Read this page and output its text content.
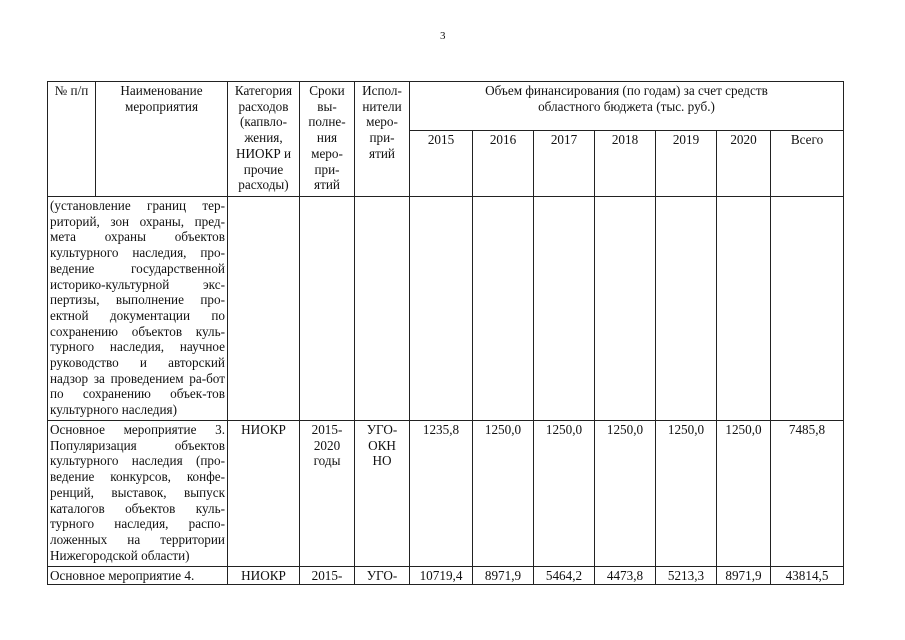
3
№ п/п	Наименование мероприятия	Категория расходов (капвло-жения, НИОКР и прочие расходы)	Сроки вы-полне-ния меро-при-ятий	Испол-нители меро-при-ятий	Объем финансирования (по годам) за счет средств областного бюджета (тыс. руб.)						
					2015	2016	2017	2018	2019	2020	Всего
(установление границ тер-риторий, зон охраны, пред-мета охраны объектов культурного наследия, про-ведение государственной историко-культурной экс-пертизы, выполнение про-ектной документации по сохранению объектов куль-турного наследия, научное руководство и авторский надзор за проведением ра-бот по сохранению объек-тов культурного наследия)											
Основное мероприятие 3. Популяризация объектов культурного наследия (про-ведение конкурсов, конфе-ренций, выставок, выпуск каталогов объектов куль-турного наследия, распо-ложенных на территории Нижегородской области)		НИОКР	2015-2020 годы	УГО-ОКН НО	1235,8	1250,0	1250,0	1250,0	1250,0	1250,0	7485,8
Основное мероприятие 4.		НИОКР	2015-	УГО-	10719,4	8971,9	5464,2	4473,8	5213,3	8971,9	43814,5
